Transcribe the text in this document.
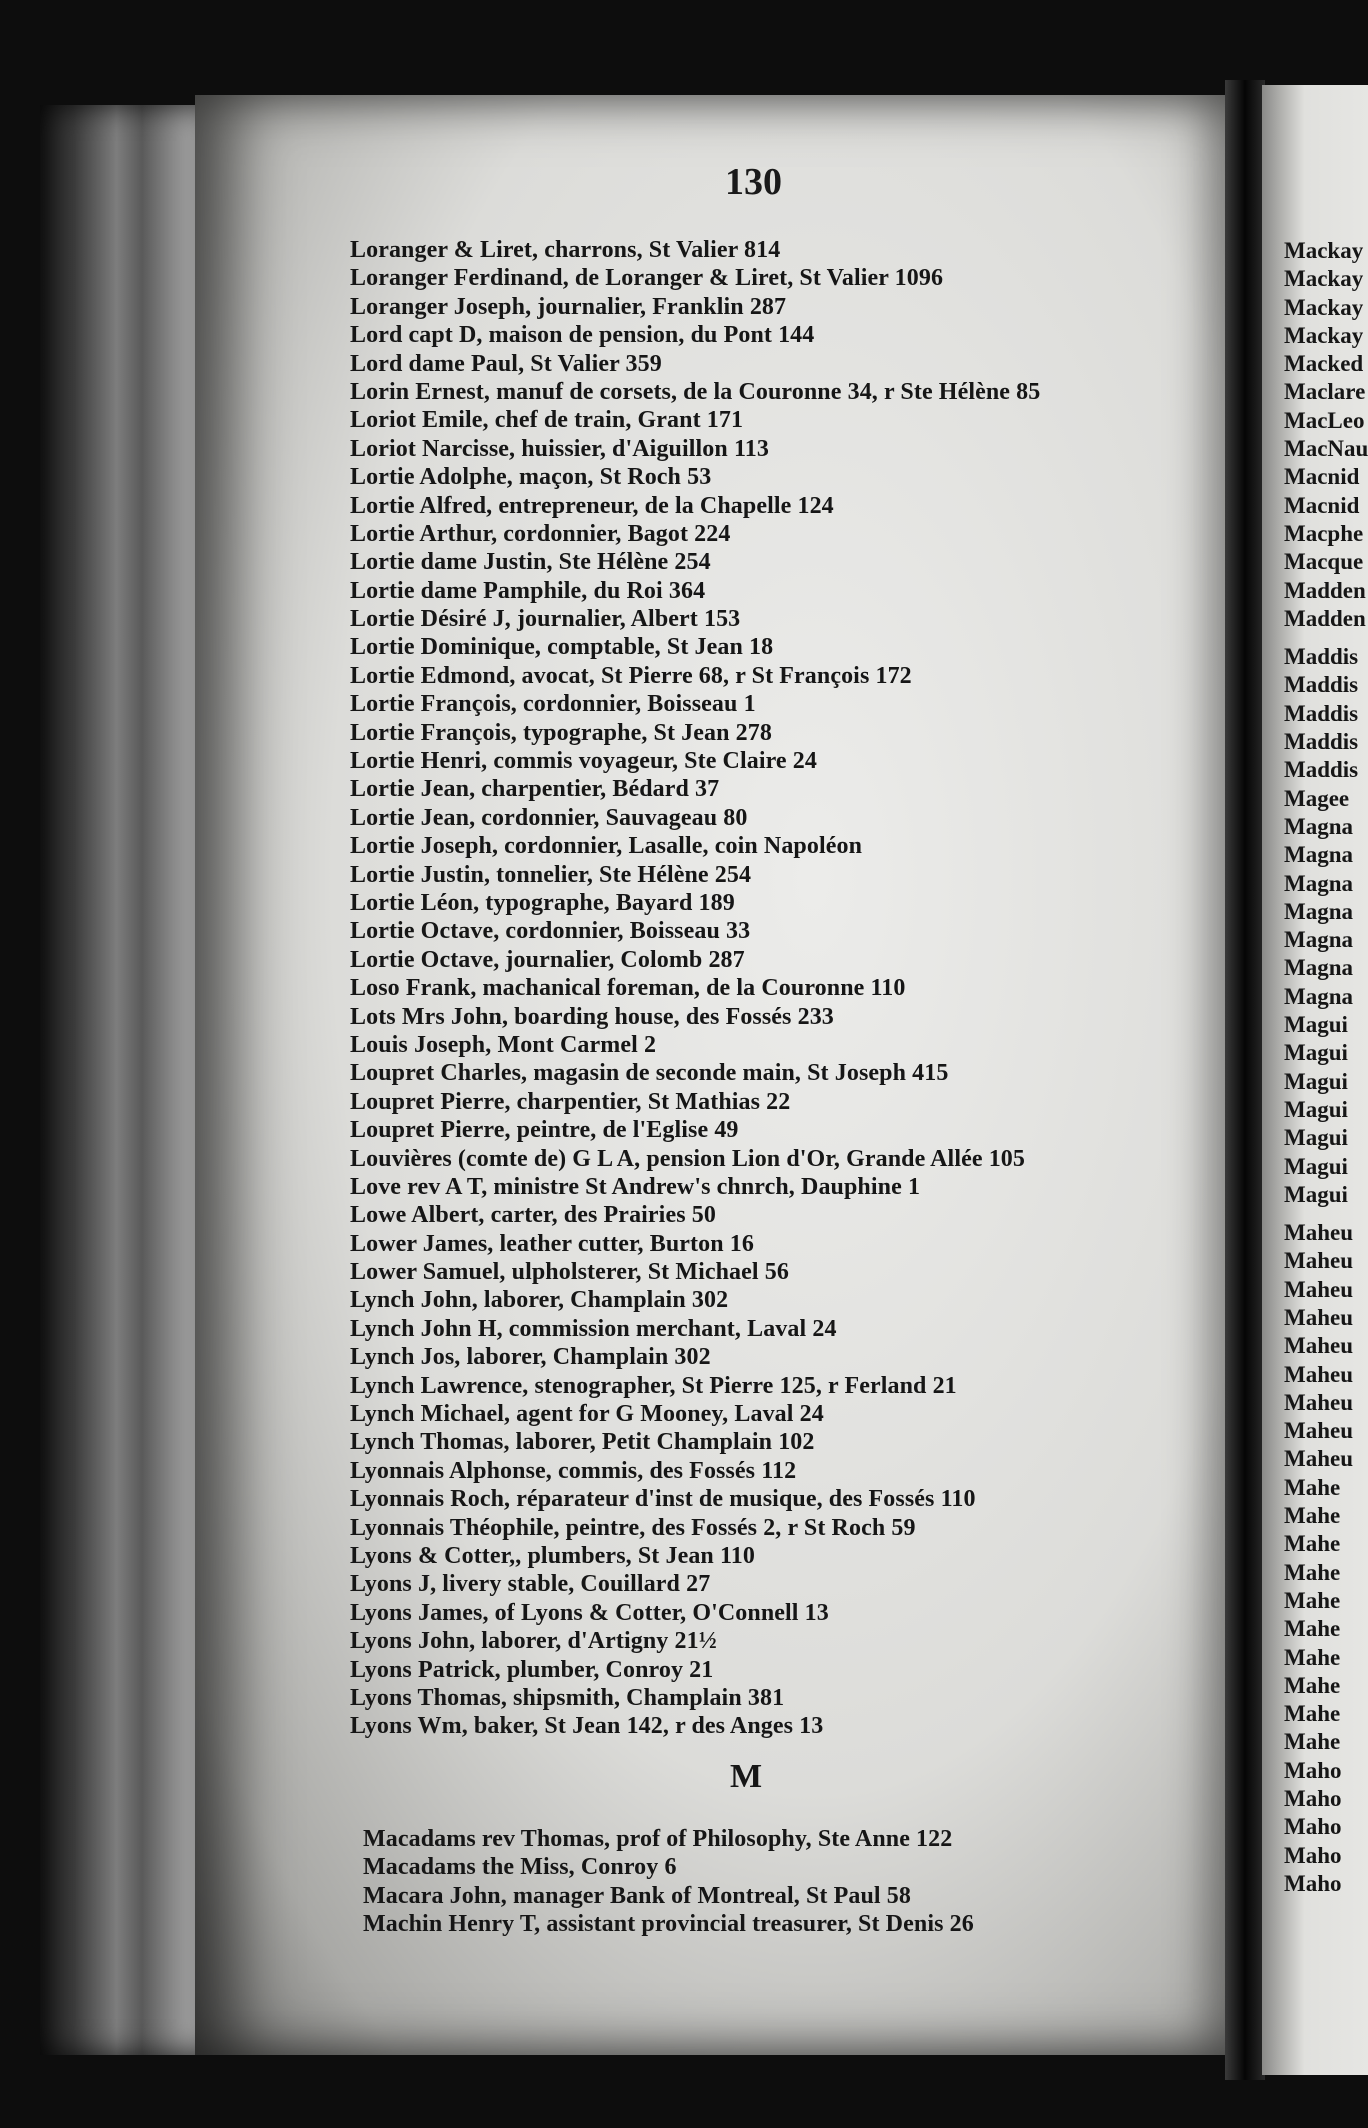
Mackay
Mackay
Mackay
Mackay
Macked
Maclare
MacLeo
MacNau
Macnid
Macnid
Macphe
Macque
Madden
Madden
Maddis
Maddis
Maddis
Maddis
Maddis
Magee
Magna
Magna
Magna
Magna
Magna
Magna
Magna
Magui
Magui
Magui
Magui
Magui
Magui
Magui
Maheu
Maheu
Maheu
Maheu
Maheu
Maheu
Maheu
Maheu
Maheu
Mahe
Mahe
Mahe
Mahe
Mahe
Mahe
Mahe
Mahe
Mahe
Mahe
Maho
Maho
Maho
Maho
Maho
130
Loranger & Liret, charrons, St Valier 814
Loranger Ferdinand, de Loranger & Liret, St Valier 1096
Loranger Joseph, journalier, Franklin 287
Lord capt D, maison de pension, du Pont 144
Lord dame Paul, St Valier 359
Lorin Ernest, manuf de corsets, de la Couronne 34, r Ste Hélène 85
Loriot Emile, chef de train, Grant 171
Loriot Narcisse, huissier, d'Aiguillon 113
Lortie Adolphe, maçon, St Roch 53
Lortie Alfred, entrepreneur, de la Chapelle 124
Lortie Arthur, cordonnier, Bagot 224
Lortie dame Justin, Ste Hélène 254
Lortie dame Pamphile, du Roi 364
Lortie Désiré J, journalier, Albert 153
Lortie Dominique, comptable, St Jean 18
Lortie Edmond, avocat, St Pierre 68, r St François 172
Lortie François, cordonnier, Boisseau 1
Lortie François, typographe, St Jean 278
Lortie Henri, commis voyageur, Ste Claire 24
Lortie Jean, charpentier, Bédard 37
Lortie Jean, cordonnier, Sauvageau 80
Lortie Joseph, cordonnier, Lasalle, coin Napoléon
Lortie Justin, tonnelier, Ste Hélène 254
Lortie Léon, typographe, Bayard 189
Lortie Octave, cordonnier, Boisseau 33
Lortie Octave, journalier, Colomb 287
Loso Frank, machanical foreman, de la Couronne 110
Lots Mrs John, boarding house, des Fossés 233
Louis Joseph, Mont Carmel 2
Loupret Charles, magasin de seconde main, St Joseph 415
Loupret Pierre, charpentier, St Mathias 22
Loupret Pierre, peintre, de l'Eglise 49
Louvières (comte de) G L A, pension Lion d'Or, Grande Allée 105
Love rev A T, ministre St Andrew's chnrch, Dauphine 1
Lowe Albert, carter, des Prairies 50
Lower James, leather cutter, Burton 16
Lower Samuel, ulpholsterer, St Michael 56
Lynch John, laborer, Champlain 302
Lynch John H, commission merchant, Laval 24
Lynch Jos, laborer, Champlain 302
Lynch Lawrence, stenographer, St Pierre 125, r Ferland 21
Lynch Michael, agent for G Mooney, Laval 24
Lynch Thomas, laborer, Petit Champlain 102
Lyonnais Alphonse, commis, des Fossés 112
Lyonnais Roch, réparateur d'inst de musique, des Fossés 110
Lyonnais Théophile, peintre, des Fossés 2, r St Roch 59
Lyons & Cotter,, plumbers, St Jean 110
Lyons J, livery stable, Couillard 27
Lyons James, of Lyons & Cotter, O'Connell 13
Lyons John, laborer, d'Artigny 21½
Lyons Patrick, plumber, Conroy 21
Lyons Thomas, shipsmith, Champlain 381
Lyons Wm, baker, St Jean 142, r des Anges 13
M
Macadams rev Thomas, prof of Philosophy, Ste Anne 122
Macadams the Miss, Conroy 6
Macara John, manager Bank of Montreal, St Paul 58
Machin Henry T, assistant provincial treasurer, St Denis 26
